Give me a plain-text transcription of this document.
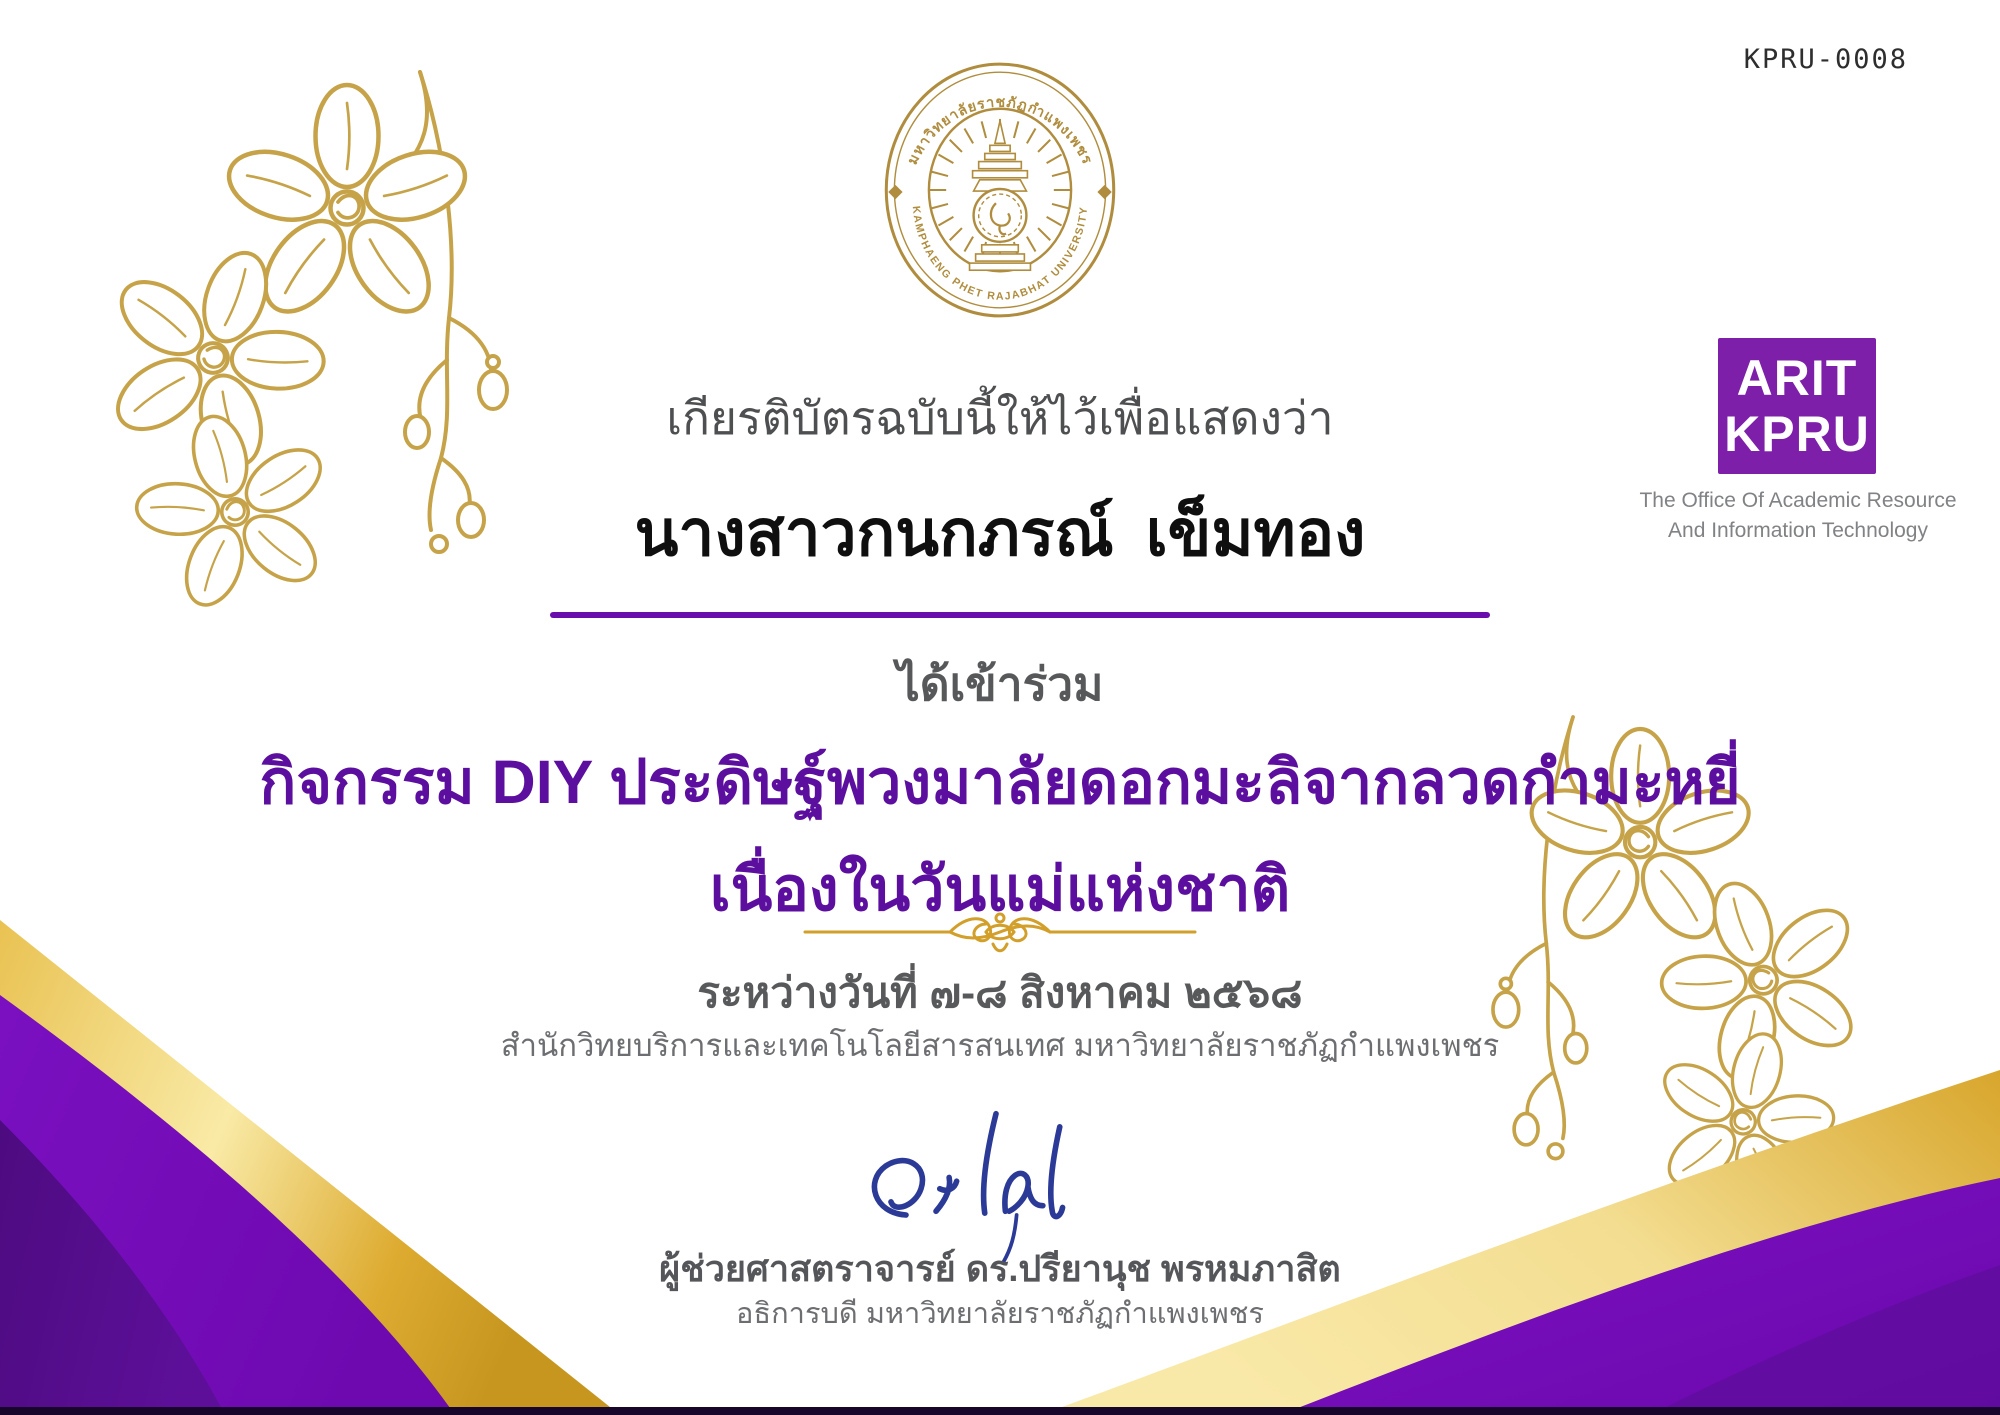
มหาวิทยาลัยราชภัฏกำแพงเพชร
KAMPHAENG PHET RAJABHAT UNIVERSITY
KPRU-0008
เกียรติบัตรฉบับนี้ให้ไว้เพื่อแสดงว่า
นางสาวกนกภรณ์  เข็มทอง
ได้เข้าร่วม
กิจกรรม DIY ประดิษฐ์พวงมาลัยดอกมะลิจากลวดกำมะหยี่
เนื่องในวันแม่แห่งชาติ
ระหว่างวันที่ ๗-๘ สิงหาคม ๒๕๖๘
สำนักวิทยบริการและเทคโนโลยีสารสนเทศ มหาวิทยาลัยราชภัฏกำแพงเพชร
ผู้ช่วยศาสตราจารย์ ดร.ปรียานุช พรหมภาสิต
อธิการบดี มหาวิทยาลัยราชภัฏกำแพงเพชร
ARIT
KPRU
The Office Of Academic Resource
And Information Technology
